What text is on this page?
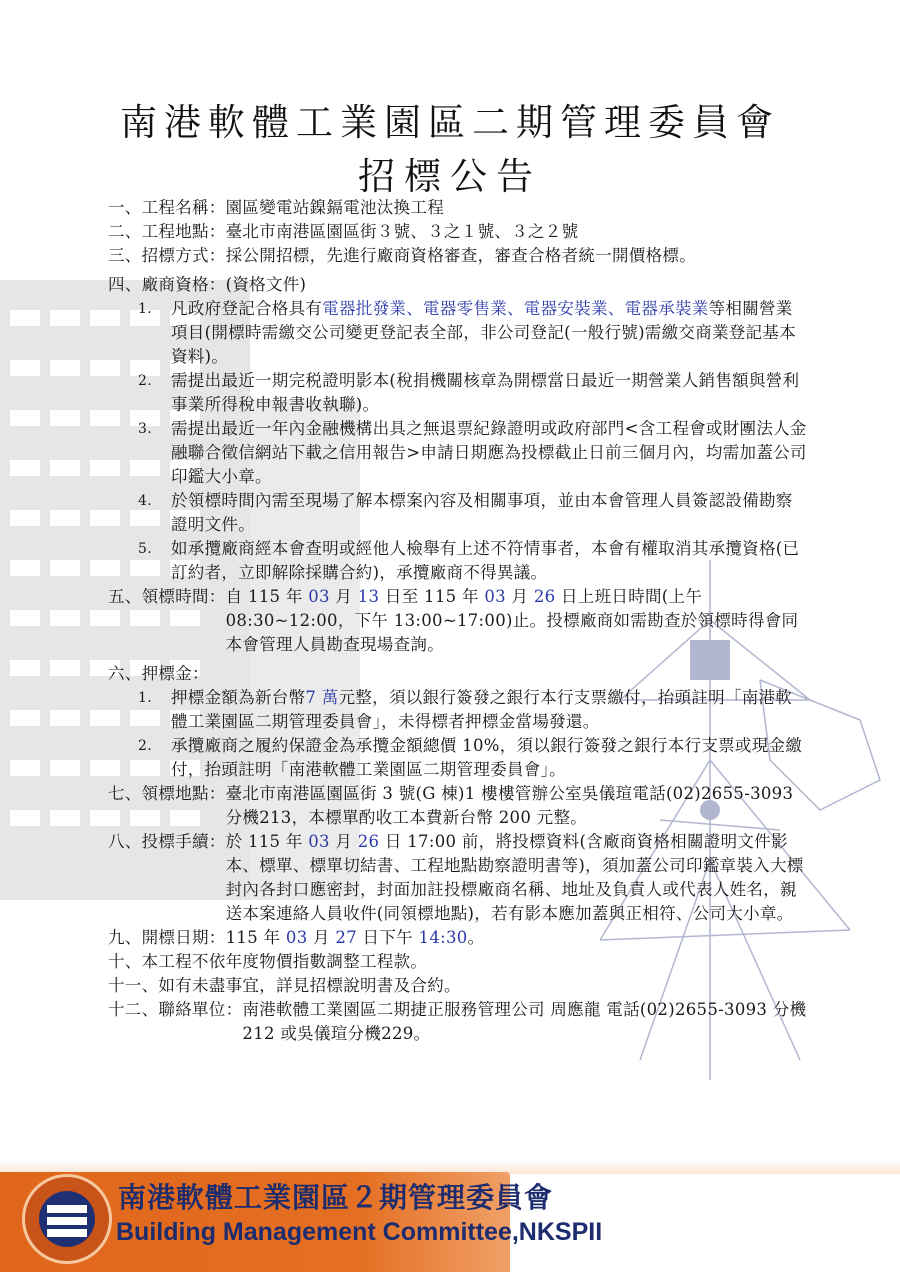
南港軟體工業園區二期管理委員會
招標公告
一、工程名稱： 園區變電站鎳鎘電池汰換工程
二、工程地點： 臺北市南港區園區街３號、３之１號、３之２號
三、招標方式： 採公開招標，先進行廠商資格審查，審查合格者統一開價格標。
四、廠商資格： (資格文件)
1.	凡政府登記合格具有電器批發業、電器零售業、電器安裝業、電器承裝業等相關營業項目(開標時需繳交公司變更登記表全部，非公司登記(一般行號)需繳交商業登記基本資料)。
2.	需提出最近一期完税證明影本(稅捐機關核章為開標當日最近一期營業人銷售額與營利事業所得稅申報書收執聯)。
3.	需提出最近一年內金融機構出具之無退票紀錄證明或政府部門<含工程會或財團法人金融聯合徵信網站下載之信用報告>申請日期應為投標截止日前三個月內，均需加蓋公司印鑑大小章。
4.	於領標時間內需至現場了解本標案內容及相關事項，並由本會管理人員簽認設備勘察證明文件。
5.	如承攬廠商經本會查明或經他人檢舉有上述不符情事者，本會有權取消其承攬資格(已訂約者，立即解除採購合約)，承攬廠商不得異議。
五、領標時間： 自 115 年 03 月 13 日至 115 年 03 月 26 日上班日時間(上午08:30~12:00，下午 13:00~17:00)止。投標廠商如需勘查於領標時得會同本會管理人員勘查現場查詢。
六、押標金：
1.	押標金額為新台幣7 萬元整，須以銀行簽發之銀行本行支票繳付，抬頭註明「南港軟體工業園區二期管理委員會」，未得標者押標金當場發還。
2.	承攬廠商之履約保證金為承攬金額總價 10%，須以銀行簽發之銀行本行支票或現金繳付，抬頭註明「南港軟體工業園區二期管理委員會」。
七、領標地點： 臺北市南港區園區街 3 號(G 棟)1 樓樓管辦公室吳儀瑄電話(02)2655-3093 分機213，本標單酌收工本費新台幣 200 元整。
八、投標手續： 於 115 年 03 月 26 日 17:00 前，將投標資料(含廠商資格相關證明文件影本、標單、標單切結書、工程地點勘察證明書等)，須加蓋公司印鑑章裝入大標封內各封口應密封，封面加註投標廠商名稱、地址及負責人或代表人姓名，親送本案連絡人員收件(同領標地點)，若有影本應加蓋與正相符、公司大小章。
九、開標日期： 115 年 03 月 27 日下午 14:30。
十、本工程不依年度物價指數調整工程款。
十一、如有未盡事宜，詳見招標說明書及合約。
十二、聯絡單位： 南港軟體工業園區二期捷正服務管理公司 周應龍 電話(02)2655-3093 分機212 或吳儀瑄分機229。
南港軟體工業園區２期管理委員會
Building Management Committee,NKSPII
